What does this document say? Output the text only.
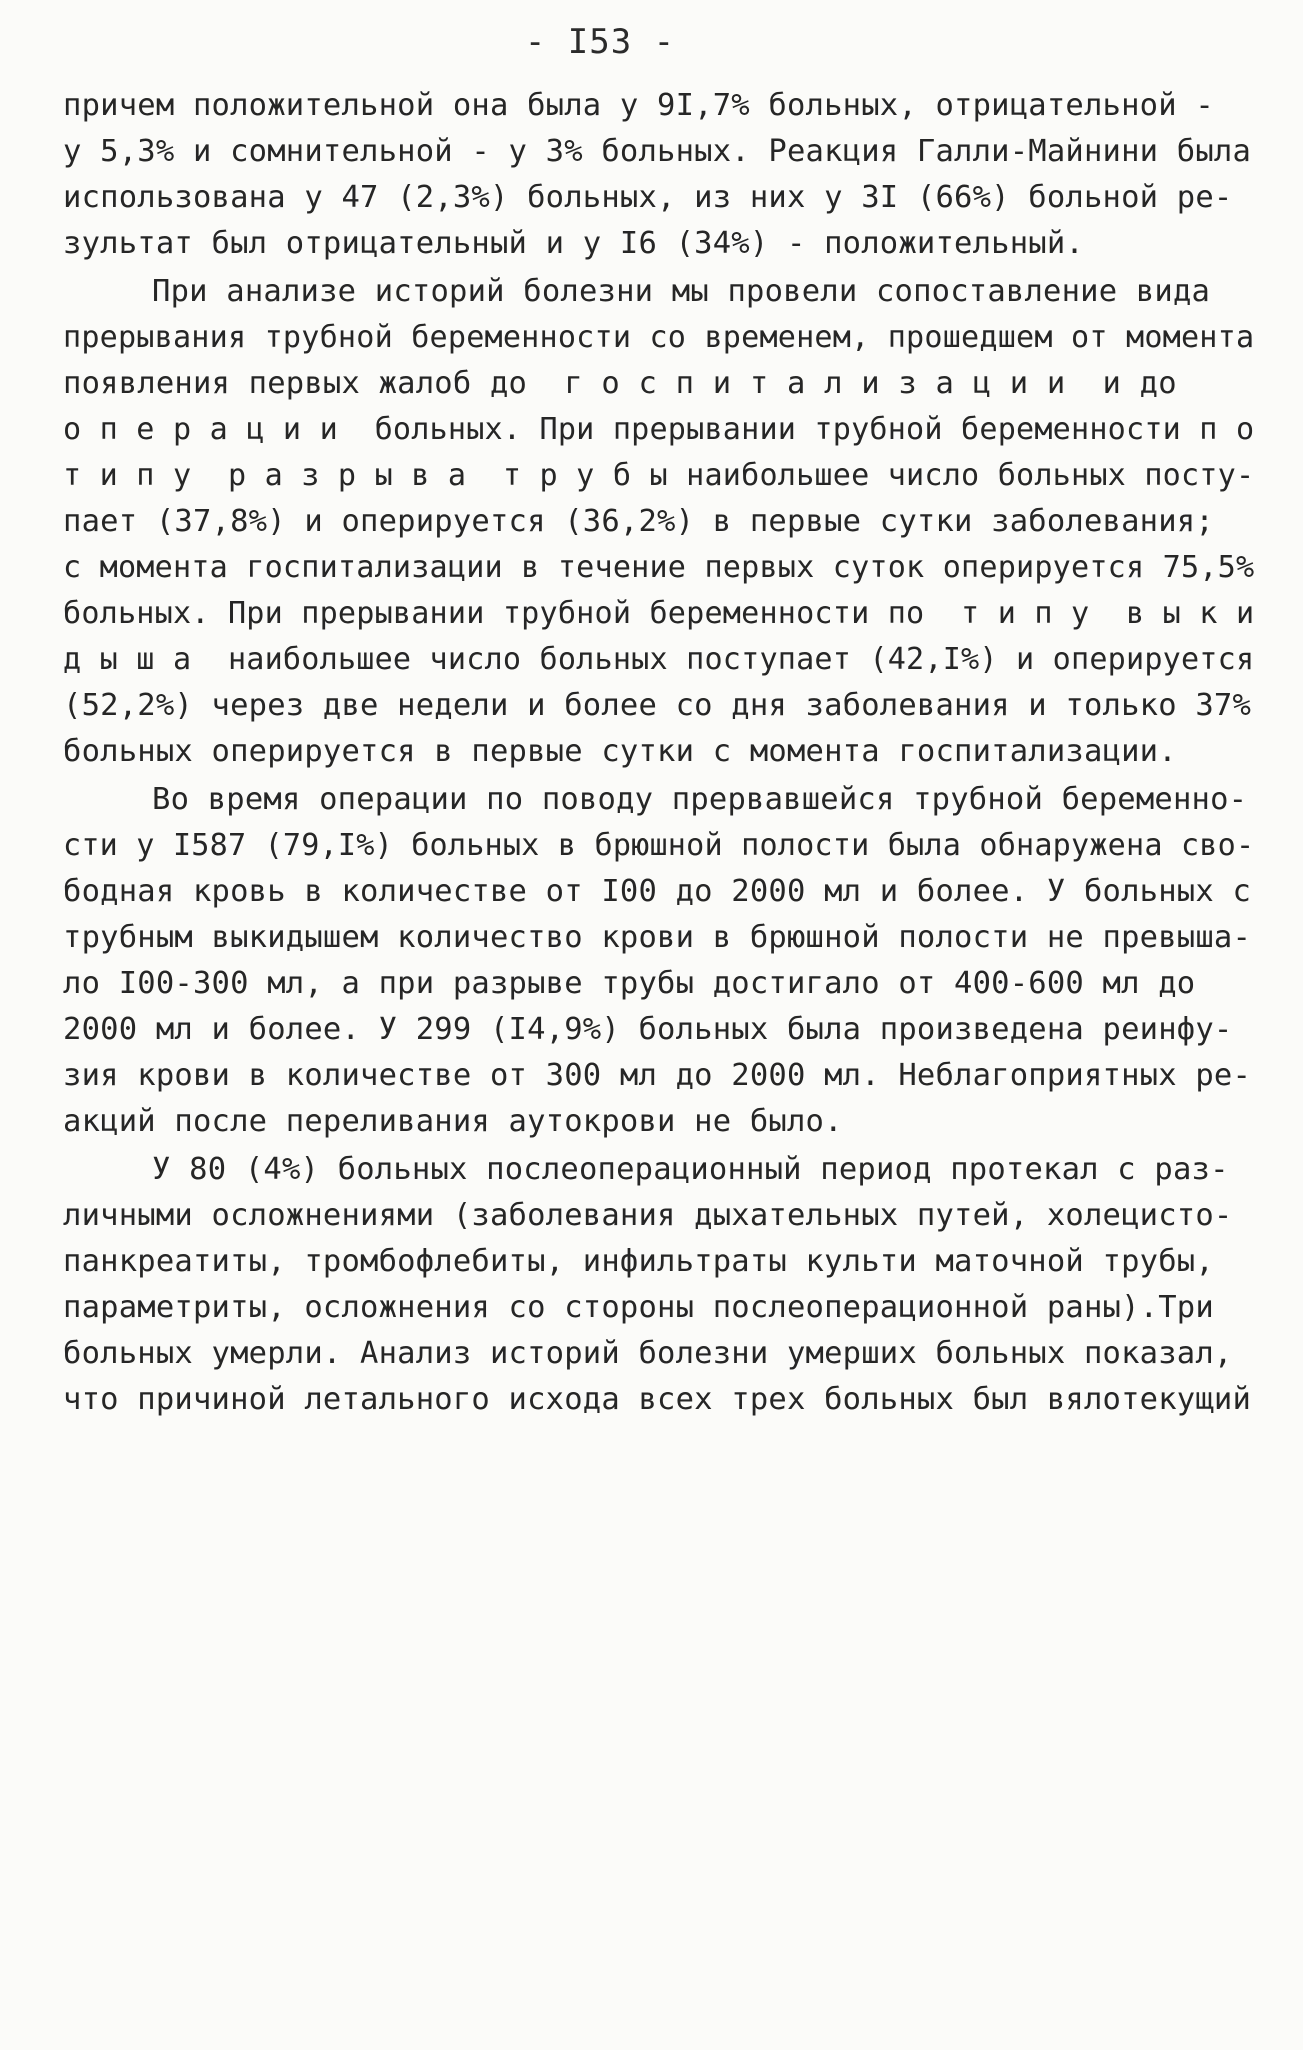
- I53 -
причем положительной она была у 9I,7% больных, отрицательной -
у 5,3% и сомнительной - у 3% больных. Реакция Галли-Майнини была
использована у 47 (2,3%) больных, из них у 3I (66%) больной ре-
зультат был отрицательный и у I6 (34%) - положительный.
При анализе историй болезни мы провели сопоставление вида
прерывания трубной беременности со временем, прошедшем от момента
появления первых жалоб до  г о с п и т а л и з а ц и и  и до
о п е р а ц и и  больных. При прерывании трубной беременности п о
т и п у  р а з р ы в а  т р у б ы наибольшее число больных посту-
пает (37,8%) и оперируется (36,2%) в первые сутки заболевания;
с момента госпитализации в течение первых суток оперируется 75,5%
больных. При прерывании трубной беременности по  т и п у  в ы к и
д ы ш а  наибольшее число больных поступает (42,I%) и оперируется
(52,2%) через две недели и более со дня заболевания и только 37%
больных оперируется в первые сутки с момента госпитализации.
Во время операции по поводу прервавшейся трубной беременно-
сти у I587 (79,I%) больных в брюшной полости была обнаружена сво-
бодная кровь в количестве от I00 до 2000 мл и более. У больных с
трубным выкидышем количество крови в брюшной полости не превыша-
ло I00-300 мл, а при разрыве трубы достигало от 400-600 мл до
2000 мл и более. У 299 (I4,9%) больных была произведена реинфу-
зия крови в количестве от 300 мл до 2000 мл. Неблагоприятных ре-
акций после переливания аутокрови не было.
У 80 (4%) больных послеоперационный период протекал с раз-
личными осложнениями (заболевания дыхательных путей, холецисто-
панкреатиты, тромбофлебиты, инфильтраты культи маточной трубы,
параметриты, осложнения со стороны послеоперационной раны).Три
больных умерли. Анализ историй болезни умерших больных показал,
что причиной летального исхода всех трех больных был вялотекущий
